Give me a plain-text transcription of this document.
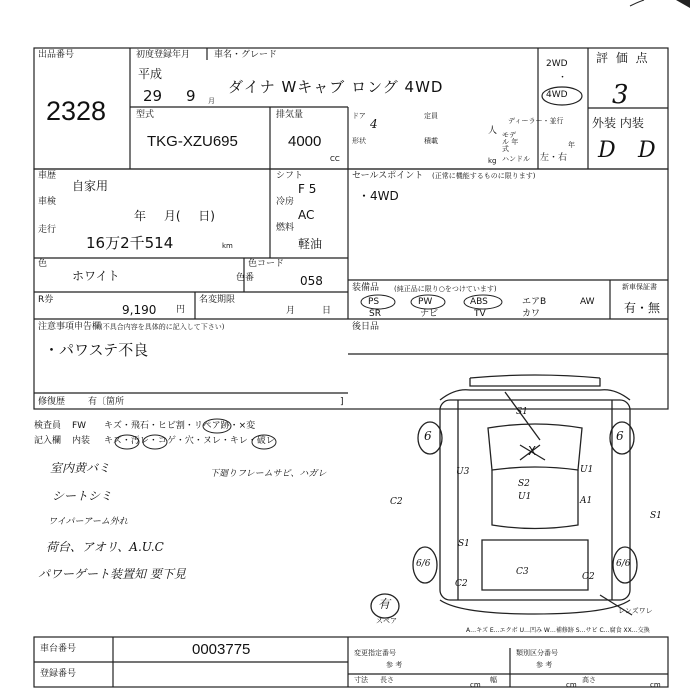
出品番号
2328
初度登録年月	車名・グレード
平成
29 9 月
ダイナ Wキャブ ロング 4WD
型式
TKG-XZU695
排気量
4000
CC
ドア
4
形状
定員
積載
人
kg
ディーラー・並行
モデル 年式	年
ハンドル 左・右
2WD
・
4WD
評 価 点
3
外装 内装
D D
車歴
自家用
車検
年 月( 日)
走行
16万2千514	km
シフト
F 5
冷房
AC
燃料
軽油
色
ホワイト
色コード
色番	058
R券
9,190 円
名変期限
月	日
セールスポイント (正常に機能するものに限ります)
・4WD
装備品 (純正品に限り○をつけています)
PS	PW	ABS	エアB
SR	ナビ	TV	カワ
AW
新車保証書
有・無
注意事項申告欄
(不具合内容を具体的に記入して下さい)
・パワステ不良
修復歴	有〔箇所	]
後日品
検査員
記入欄
FW キズ・飛石・ヒビ割・リペア跡・×変
内装 キズ・汚レ・コゲ・穴・ヌレ・キレ・破レ
室内黄バミ
シートシミ
ワイパーアーム外れ
荷台、アオリ、A.U.C
パワーゲート装置知 要下見
下廻りフレームサビ、ハガレ
S1
X
S2
U1
U3	U1
A1
S1
C2
S1
C2
C3	C2
レンズワレ
6	6
6/6	6/6
有
スペア
A…キズ E…エクボ U…凹み W…補修跡 S…サビ C…腐食 XX…交換
車台番号	0003775
登録番号
変更指定番号
参 考
類別区分番号
参 考
寸法 長さ
cm
幅
cm
高さ
cm
